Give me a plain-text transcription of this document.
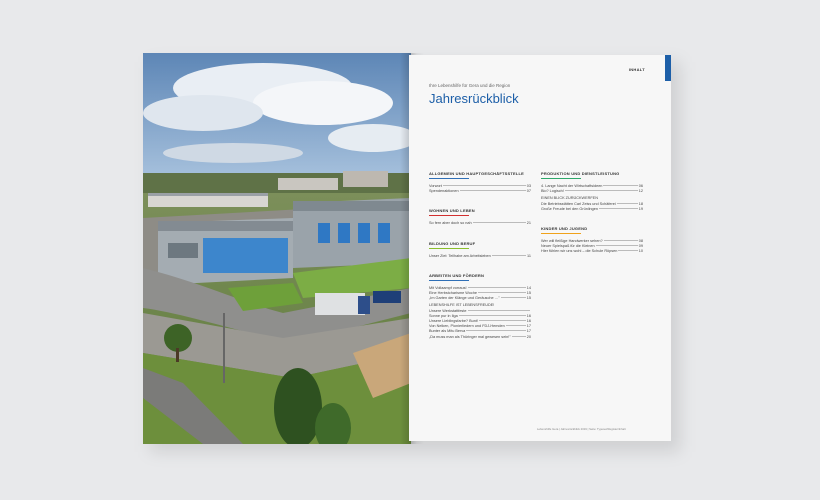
INHALT
Ihre Lebenshilfe für Gera und die Region
Jahresrückblick
ALLGEMEIN UND HAUPTGESCHÄFTSSTELLE
Vorwort	03
Spendenaktionen	07
WOHNEN UND LEBEN
So fern aber doch so nah	21
BILDUNG UND BERUF
Unser Ziel: Teilhabe am Arbeitsleben	11
ARBEITEN UND FÖRDERN
Mit Vollaampf vorraus!	14
Eine Herbstcharisme Woche	15
„Im Garten der Klänge und Geräusche …"	15
LEBENSHILFE IST LEBENSFREUDE!
Unsere Werkstattfeste
Sonne pur in Ilga	16
Unsere Lieblingsfarbe? Bunt!	16
Von Nelken, Pionierliedern und FDJ-Hemden	17
Bunter als Mitu Berva	17
„Da muss man als Thüringer mal gewesen sein!"	20
PRODUKTION UND DIENSTLEISTUNG
4. Lange Nacht der Wirtschaftsideen	06
Bio? Logisch!	12
EINEN BLICK ZURÜCKWERFEN
Die Betriebsstätten Carl Zeiss und Schäferei	18
Große Freude bei den Grünlingen	19
KINDER UND JUGEND
Wer will fleißige Handwerker sehen?	08
Neuer Spielspaß für die Kleinen	09
Hier fühlen wir uns wohl – die Schule Röpsen	10
Lebenshilfe Gera | Jahresrückblick 2019 | Seite: Typeset/Register/Inhalt
